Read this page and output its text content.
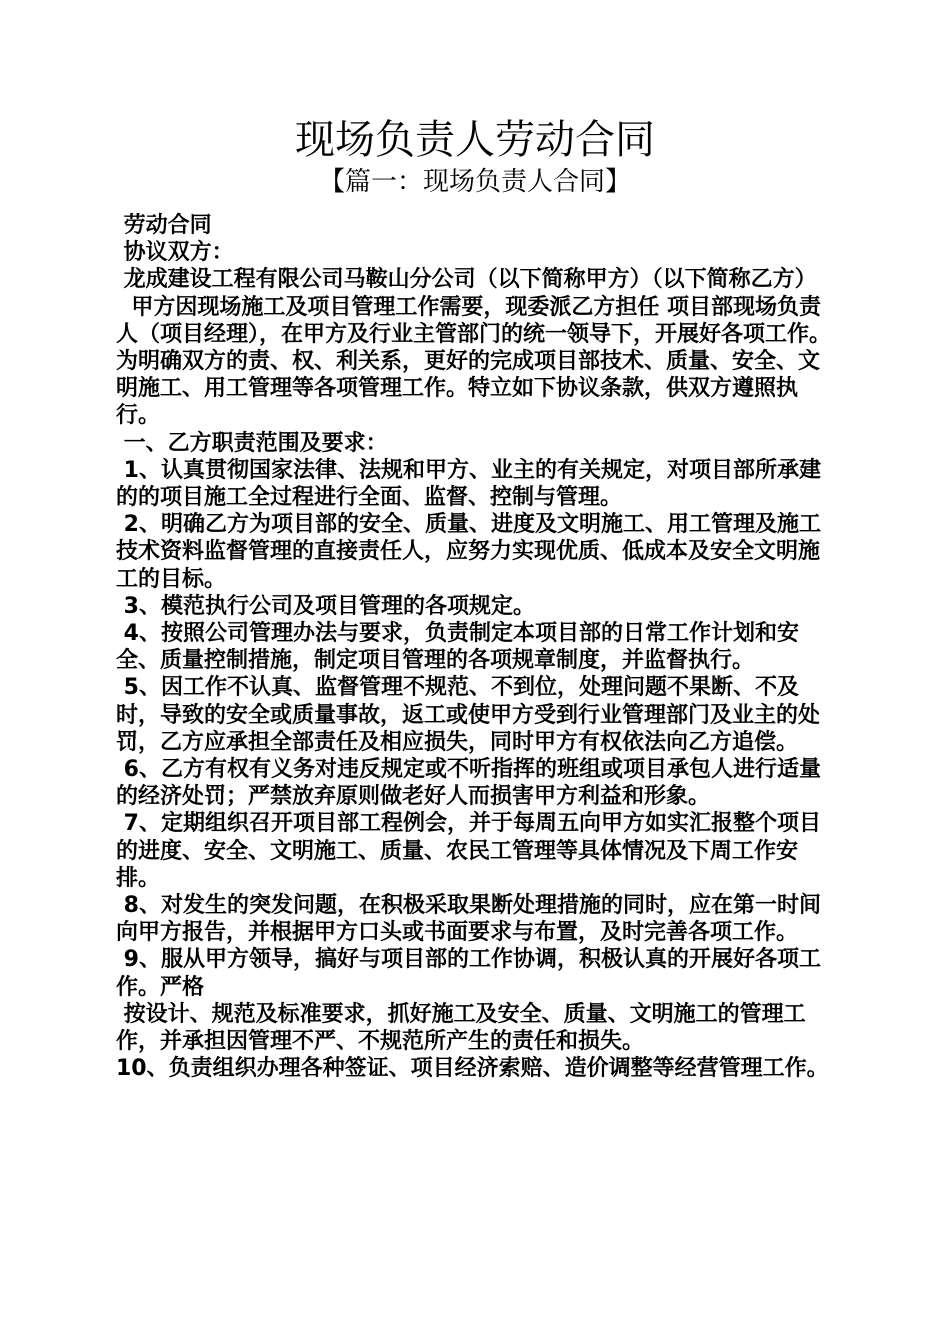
现场负责人劳动合同
【篇一：现场负责人合同】

劳动合同

协议双方：

龙成建设工程有限公司马鞍山分公司（以下简称甲方）（以下简称乙方）

甲方因现场施工及项目管理工作需要，现委派乙方担任 项目部现场负责人（项目经理），在甲方及行业主管部门的统一领导下，开展好各项工作。为明确双方的责、权、利关系，更好的完成项目部技术、质量、安全、文明施工、用工管理等各项管理工作。特立如下协议条款，供双方遵照执行。

一、乙方职责范围及要求：

1、认真贯彻国家法律、法规和甲方、业主的有关规定，对项目部所承建的的项目施工全过程进行全面、监督、控制与管理。

2、明确乙方为项目部的安全、质量、进度及文明施工、用工管理及施工技术资料监督管理的直接责任人，应努力实现优质、低成本及安全文明施工的目标。

3、模范执行公司及项目管理的各项规定。

4、按照公司管理办法与要求，负责制定本项目部的日常工作计划和安全、质量控制措施，制定项目管理的各项规章制度，并监督执行。

5、因工作不认真、监督管理不规范、不到位，处理问题不果断、不及时，导致的安全或质量事故，返工或使甲方受到行业管理部门及业主的处罚，乙方应承担全部责任及相应损失，同时甲方有权依法向乙方追偿。

6、乙方有权有义务对违反规定或不听指挥的班组或项目承包人进行适量的经济处罚；严禁放弃原则做老好人而损害甲方利益和形象。

7、定期组织召开项目部工程例会，并于每周五向甲方如实汇报整个项目的进度、安全、文明施工、质量、农民工管理等具体情况及下周工作安排。

8、对发生的突发问题，在积极采取果断处理措施的同时，应在第一时间向甲方报告，并根据甲方口头或书面要求与布置，及时完善各项工作。

9、服从甲方领导，搞好与项目部的工作协调，积极认真的开展好各项工作。严格

按设计、规范及标准要求，抓好施工及安全、质量、文明施工的管理工作，并承担因管理不严、不规范所产生的责任和损失。

10、负责组织办理各种签证、项目经济索赔、造价调整等经营管理工作。
